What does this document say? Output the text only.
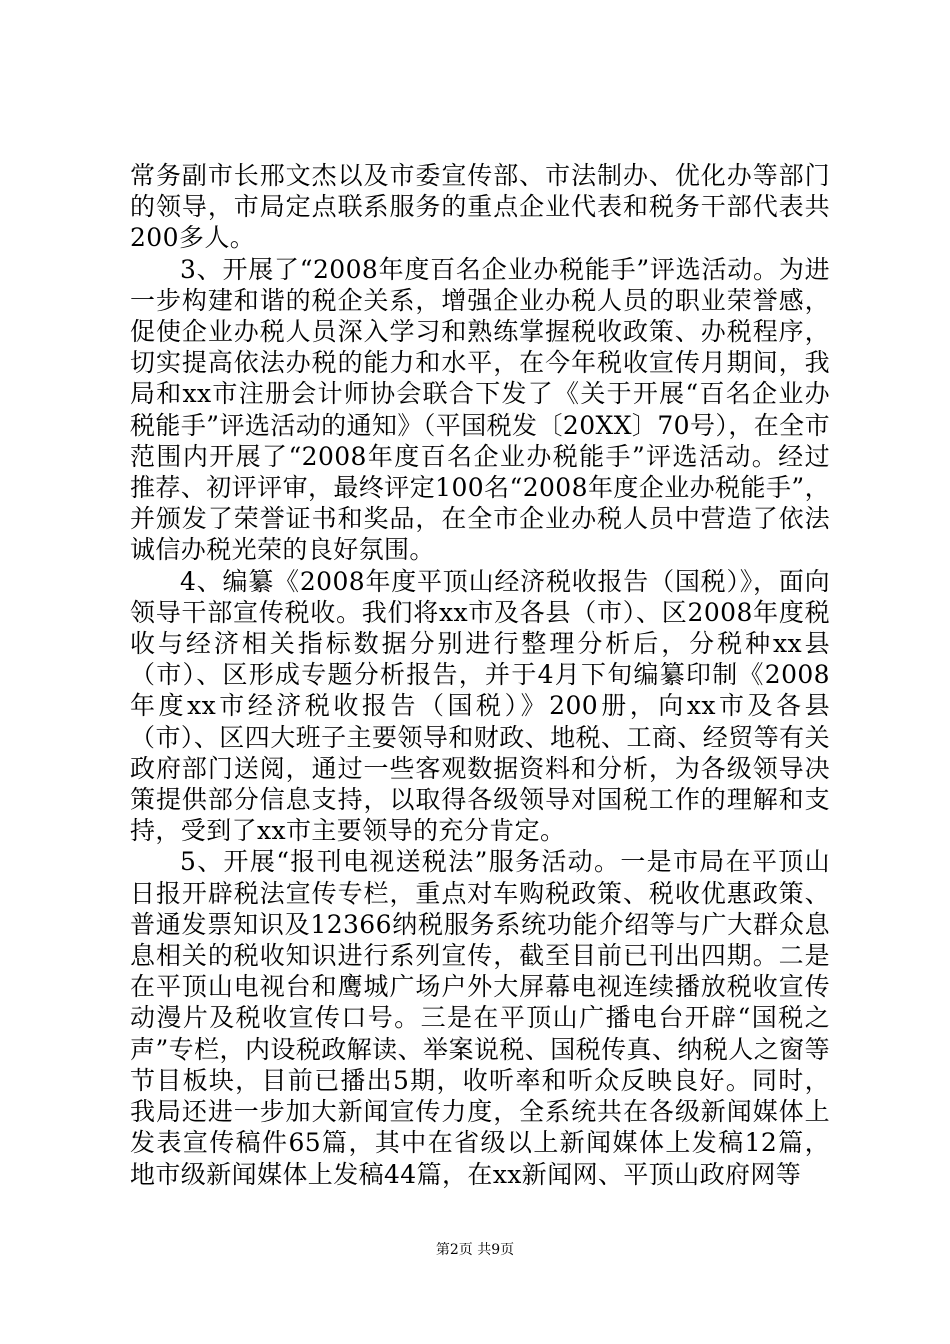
常务副市长邢文杰以及市委宣传部、市法制办、优化办等部门的领导，市局定点联系服务的重点企业代表和税务干部代表共200多人。

3、开展了“2008年度百名企业办税能手”评选活动。为进一步构建和谐的税企关系，增强企业办税人员的职业荣誉感，促使企业办税人员深入学习和熟练掌握税收政策、办税程序，切实提高依法办税的能力和水平，在今年税收宣传月期间，我局和xx市注册会计师协会联合下发了《关于开展“百名企业办税能手”评选活动的通知》（平国税发〔20XX〕70号），在全市范围内开展了“2008年度百名企业办税能手”评选活动。经过推荐、初评评审，最终评定100名“2008年度企业办税能手”，并颁发了荣誉证书和奖品，在全市企业办税人员中营造了依法诚信办税光荣的良好氛围。

4、编纂《2008年度平顶山经济税收报告（国税）》，面向领导干部宣传税收。我们将xx市及各县（市）、区2008年度税收与经济相关指标数据分别进行整理分析后，分税种xx县（市）、区形成专题分析报告，并于4月下旬编纂印制《2008年度xx市经济税收报告（国税）》200册，向xx市及各县（市）、区四大班子主要领导和财政、地税、工商、经贸等有关政府部门送阅，通过一些客观数据资料和分析，为各级领导决策提供部分信息支持，以取得各级领导对国税工作的理解和支持，受到了xx市主要领导的充分肯定。

5、开展“报刊电视送税法”服务活动。一是市局在平顶山日报开辟税法宣传专栏，重点对车购税政策、税收优惠政策、普通发票知识及12366纳税服务系统功能介绍等与广大群众息息相关的税收知识进行系列宣传，截至目前已刊出四期。二是在平顶山电视台和鹰城广场户外大屏幕电视连续播放税收宣传动漫片及税收宣传口号。三是在平顶山广播电台开辟“国税之声”专栏，内设税政解读、举案说税、国税传真、纳税人之窗等节目板块，目前已播出5期，收听率和听众反映良好。同时，我局还进一步加大新闻宣传力度，全系统共在各级新闻媒体上发表宣传稿件65篇，其中在省级以上新闻媒体上发稿12篇，地市级新闻媒体上发稿44篇，在xx新闻网、平顶山政府网等

第2页 共9页
